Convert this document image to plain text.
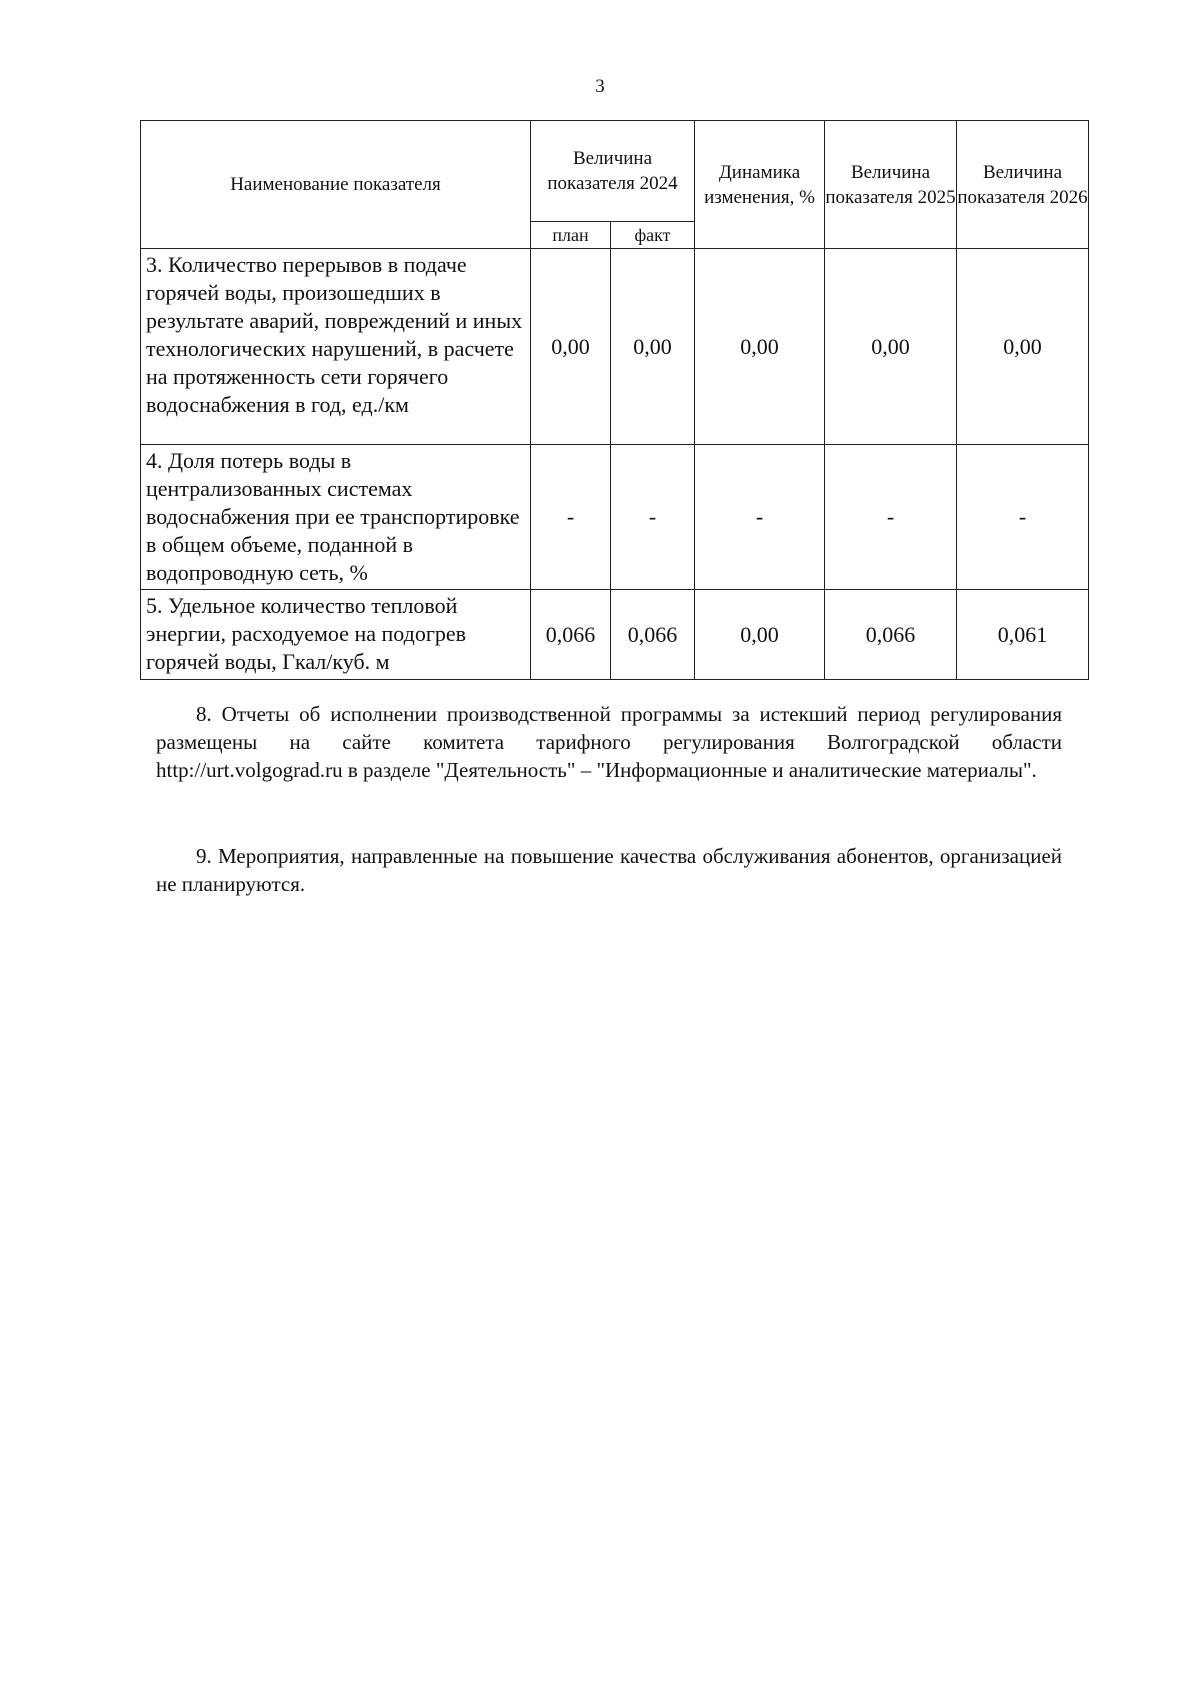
3
Наименование показателя	Величина показателя 2024		Динамика изменения, %	Величина показателя 2025	Величина показателя 2026
	план	факт			
3. Количество перерывов в подаче горячей воды, произошедших в результате аварий, повреждений и иных технологических нарушений, в расчете на протяженность сети горячего водоснабжения в год, ед./км	0,00	0,00	0,00	0,00	0,00
4. Доля потерь воды в централизованных системах водоснабжения при ее транспортировке в общем объеме, поданной в водопроводную сеть, %	-	-	-	-	-
5. Удельное количество тепловой энергии, расходуемое на подогрев горячей воды, Гкал/куб. м	0,066	0,066	0,00	0,066	0,061

8. Отчеты об исполнении производственной программы за истекший период регулирования размещены на сайте комитета тарифного регулирования Волгоградской области http://urt.volgograd.ru в разделе "Деятельность" – "Информационные и аналитические материалы".

9. Мероприятия, направленные на повышение качества обслуживания абонентов, организацией не планируются.
